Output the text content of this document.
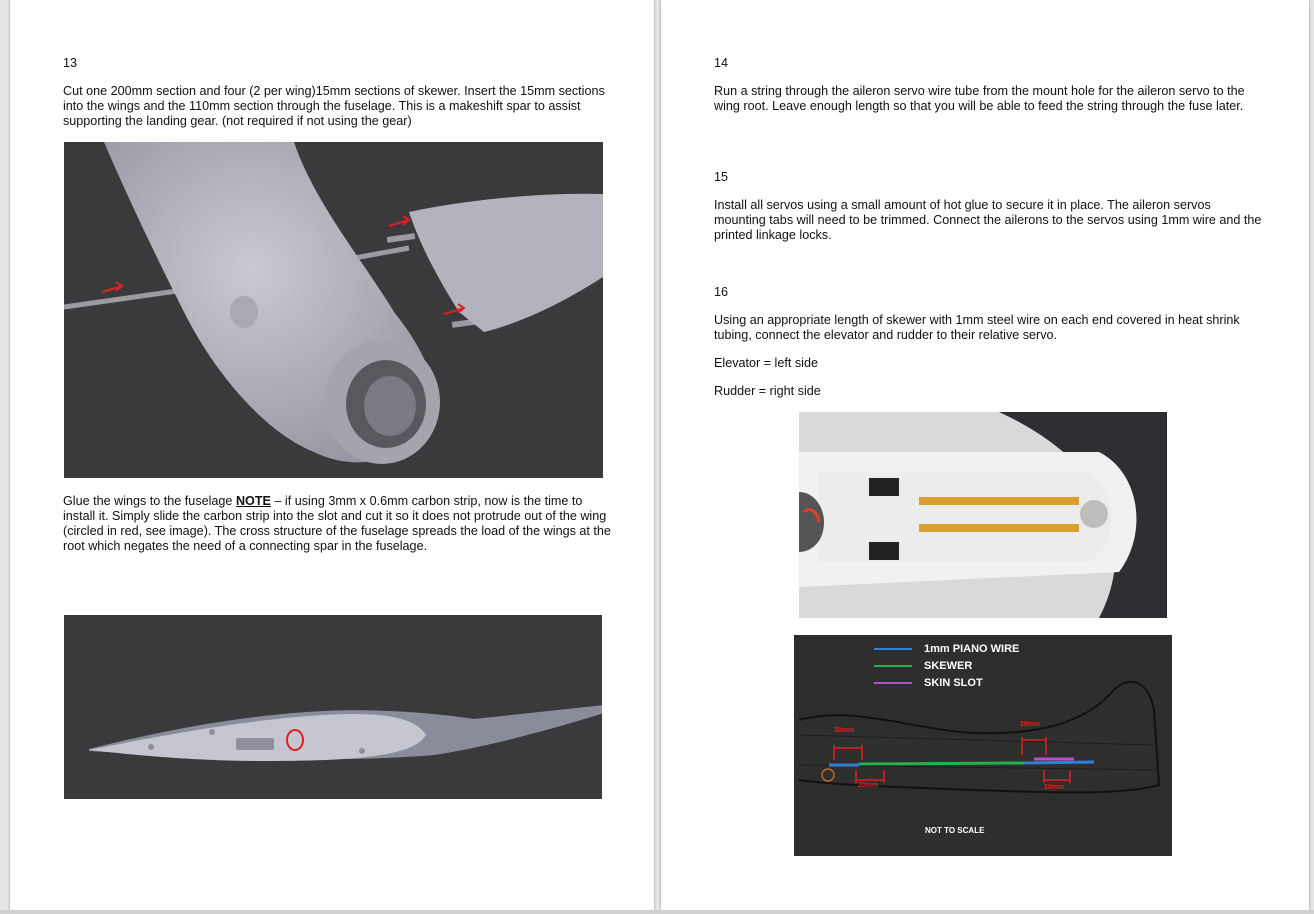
13

Cut one 200mm section and four (2 per wing)15mm sections of skewer. Insert the 15mm sections into the wings and the 110mm section through the fuselage. This is a makeshift spar to assist supporting the landing gear. (not required if not using the gear)

Glue the wings to the fuselage NOTE – if using 3mm x 0.6mm carbon strip, now is the time to install it. Simply slide the carbon strip into the slot and cut it so it does not protrude out of the wing (circled in red, see image). The cross structure of the fuselage spreads the load of the wings at the root which negates the need of a connecting spar in the fuselage.

14

Run a string through the aileron servo wire tube from the mount hole for the aileron servo to the wing root. Leave enough length so that you will be able to feed the string through the fuse later.

15

Install all servos using a small amount of hot glue to secure it in place. The aileron servos mounting tabs will need to be trimmed. Connect the ailerons to the servos using 1mm wire and the printed linkage locks.

16

Using an appropriate length of skewer with 1mm steel wire on each end covered in heat shrink tubing, connect the elevator and rudder to their relative servo.

Elevator = left side

Rudder = right side

1mm PIANO WIRE
SKEWER
SKIN SLOT
30mm
20mm
20mm	20mm
NOT TO SCALE
